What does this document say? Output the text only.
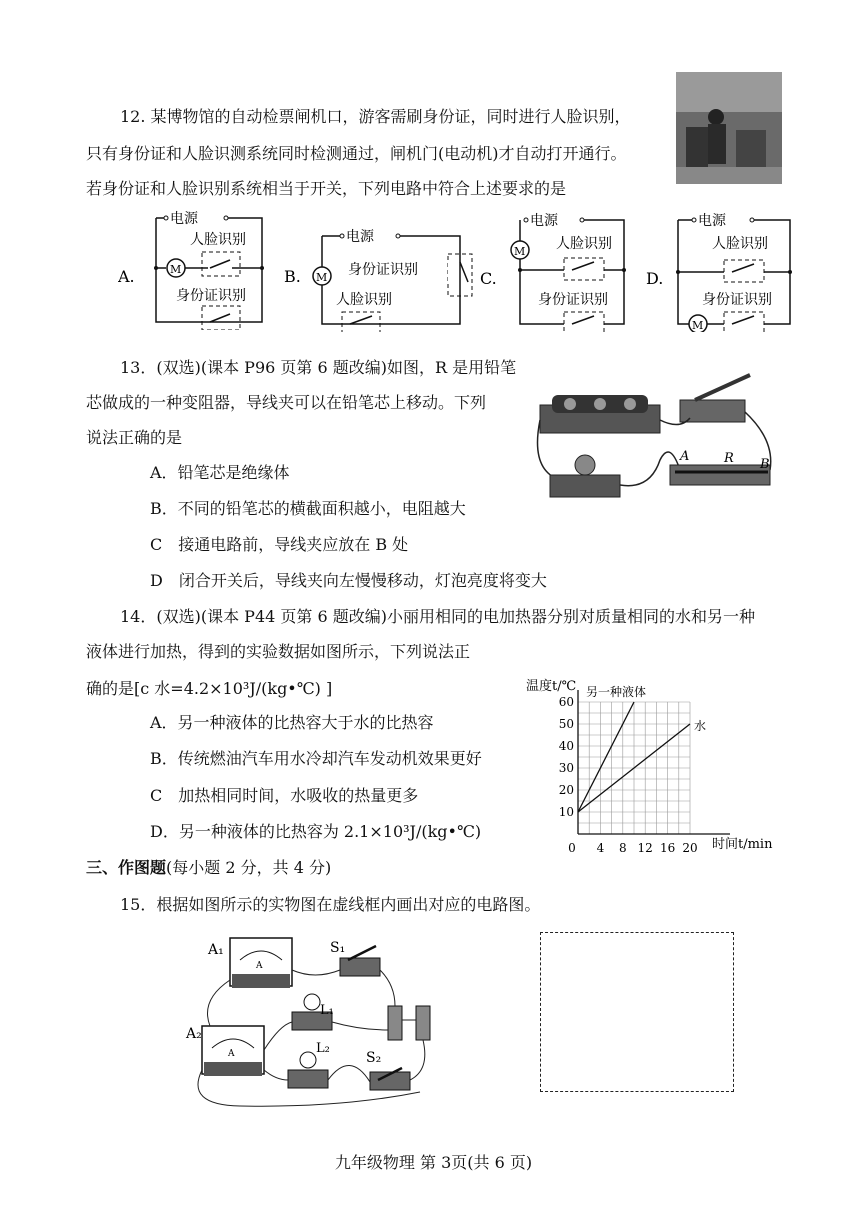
12. 某博物馆的自动检票闸机口，游客需刷身份证，同时进行人脸识别，
只有身份证和人脸识测系统同时检测通过，闸机门(电动机)才自动打开通行。
若身份证和人脸识别系统相当于开关，下列电路中符合上述要求的是
A.
电源
M
人脸识别
身份证识别
B.
电源
M 身份证识别
人脸识别
C.
电源
M 人脸识别
身份证识别
D.
电源
人脸识别
身份证识别
M
13．(双选)(课本 P96 页第 6 题改编)如图，R 是用铅笔
芯做成的一种变阻器，导线夹可以在铅笔芯上移动。下列
说法正确的是
A	R B
A．铅笔芯是绝缘体
B．不同的铅笔芯的横截面积越小，电阻越大
C　接通电路前，导线夹应放在 B 处
D　闭合开关后，导线夹向左慢慢移动，灯泡亮度将变大
14．(双选)(课本 P44 页第 6 题改编)小丽用相同的电加热器分别对质量相同的水和另一种
液体进行加热，得到的实验数据如图所示，下列说法正
确的是[c 水=4.2×10³J/(kg•℃) ]
A．另一种液体的比热容大于水的比热容
B．传统燃油汽车用水冷却汽车发动机效果更好
C　加热相同时间，水吸收的热量更多
D．另一种液体的比热容为 2.1×10³J/(kg•℃)
温度t/℃
时间t/min
0 4 8 12 16 20
10
20
30
40
50
60
另一种液体
水
三、作图题(每小题 2 分，共 4 分)
15．根据如图所示的实物图在虚线框内画出对应的电路图。
A
A₁
A
A₂
S₁
L₁
L₂
S₂
九年级物理 第 3页(共 6 页)
